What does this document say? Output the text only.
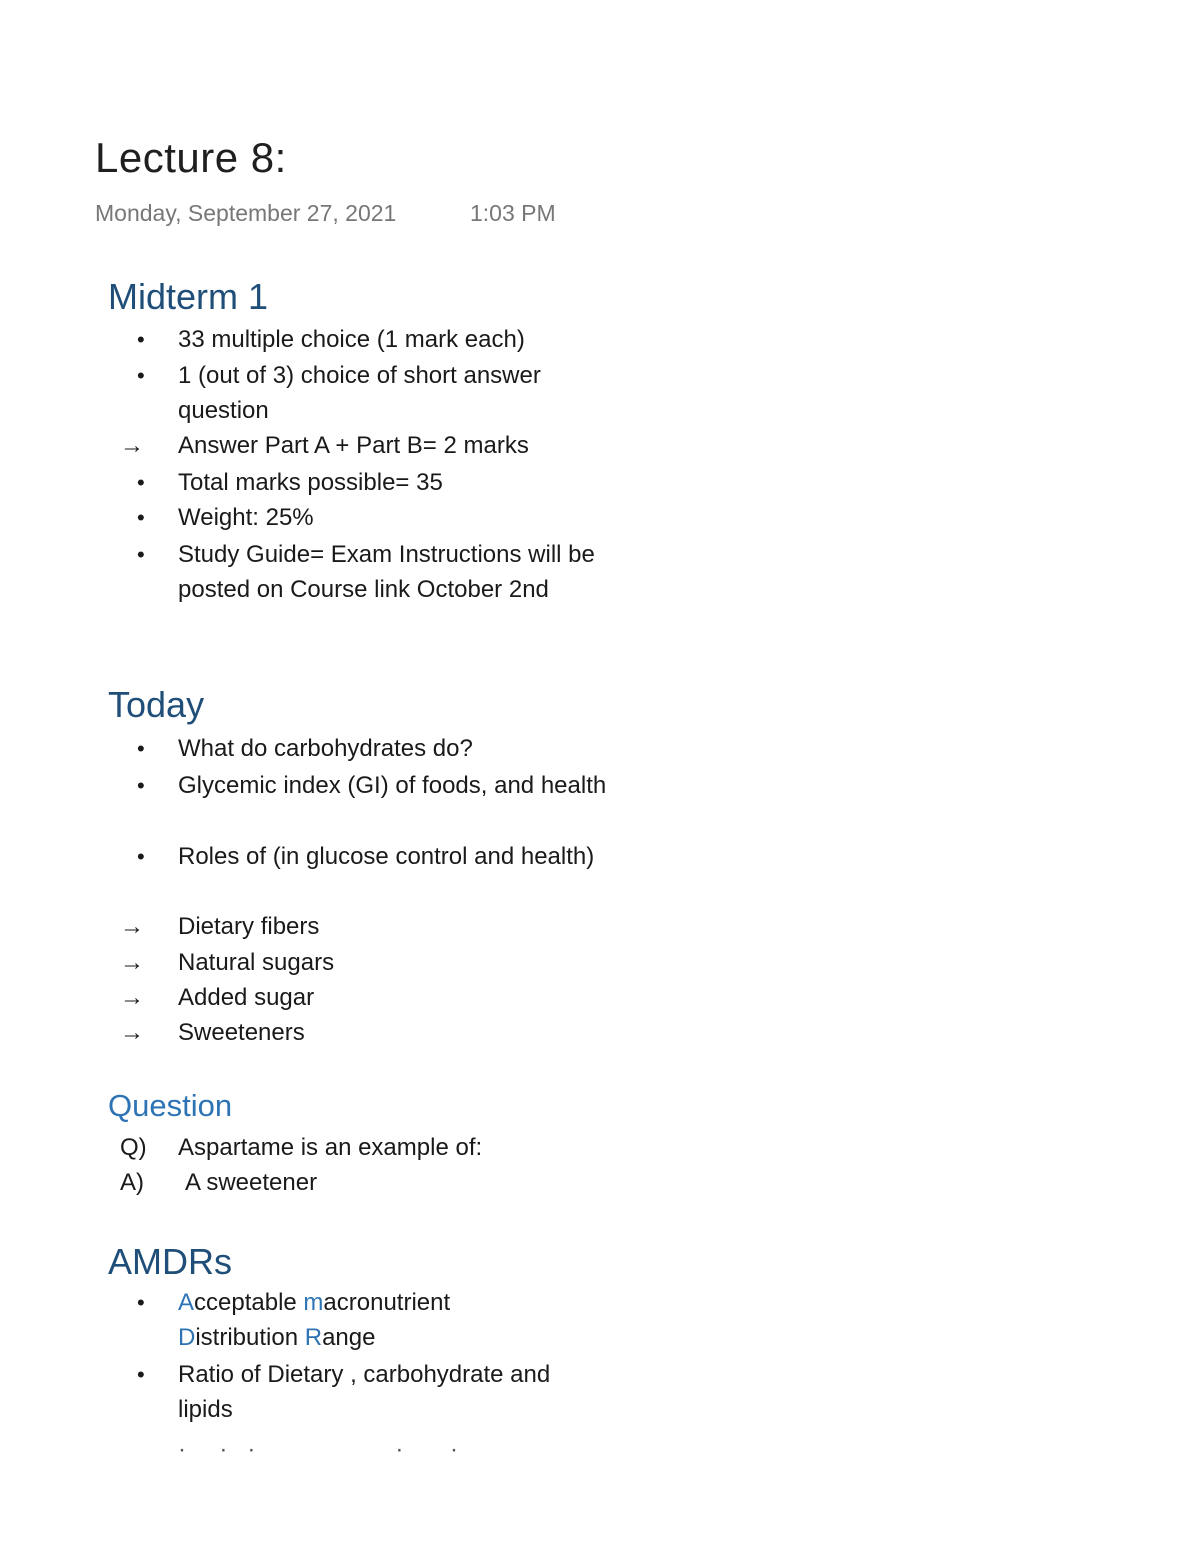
Lecture 8:
Monday, September 27, 2021	1:03 PM
Midterm 1
•	33 multiple choice (1 mark each)
•	1 (out of 3) choice of short answer question
→	Answer Part A + Part B= 2 marks
•	Total marks possible= 35
•	Weight: 25%
•	Study Guide= Exam Instructions will be posted on Course link October 2nd
Today
•	What do carbohydrates do?
•	Glycemic index (GI) of foods, and health
•	Roles of (in glucose control and health)
→	Dietary fibers
→	Natural sugars
→	Added sugar
→	Sweeteners
Question
Q)	Aspartame is an example of:
A)	A sweetener
AMDRs
•	Acceptable macronutrient Distribution Range
•	Ratio of Dietary , carbohydrate and lipids
·     ·   ·                     ·       ·
